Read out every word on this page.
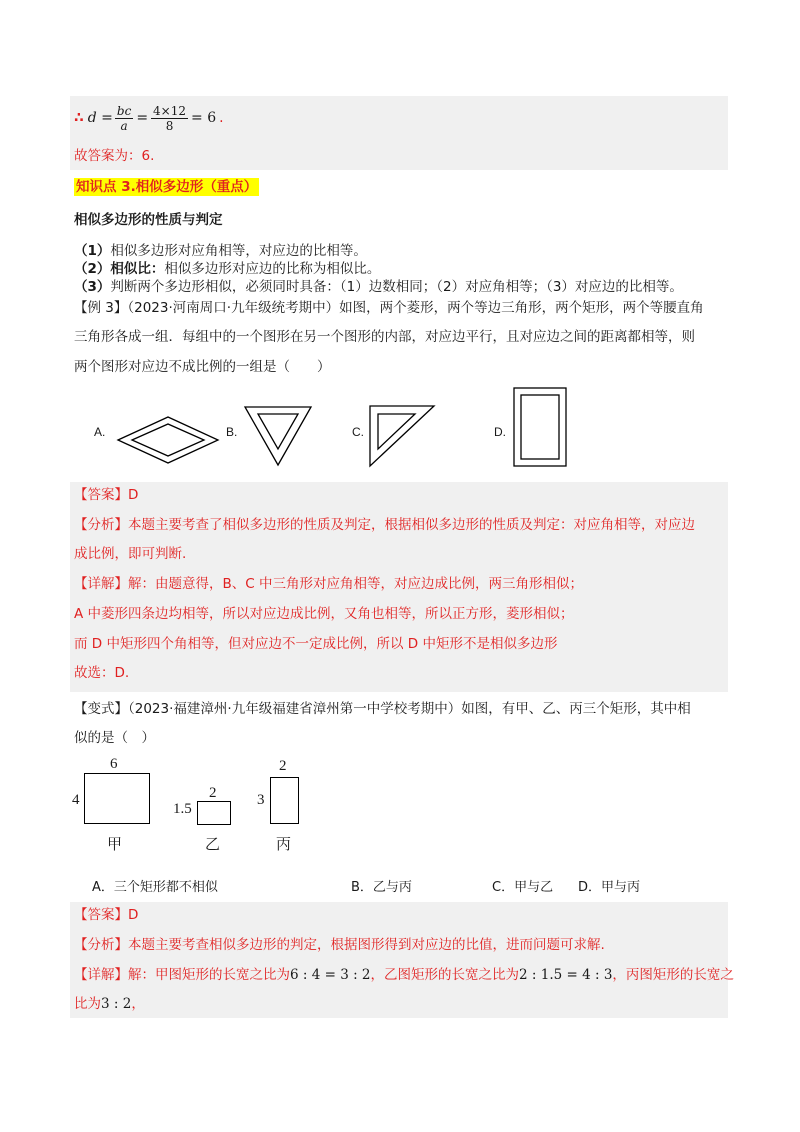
∴ $d = \frac{bc}{a} = \frac{4\times 12}{8} = 6$ .
故答案为：6.
知识点 3.相似多边形（重点）
相似多边形的性质与判定
（1）相似多边形对应角相等，对应边的比相等。
（2）相似比：相似多边形对应边的比称为相似比。
（3）判断两个多边形相似，必须同时具备：（1）边数相同；（2）对应角相等；（3）对应边的比相等。
【例 3】（2023·河南周口·九年级统考期中）如图，两个菱形，两个等边三角形，两个矩形，两个等腰直角
三角形各成一组．每组中的一个图形在另一个图形的内部，对应边平行，且对应边之间的距离都相等，则
两个图形对应边不成比例的一组是（　　）
A.	B.	C.	D.
【答案】D
【分析】本题主要考查了相似多边形的性质及判定，根据相似多边形的性质及判定：对应角相等，对应边
成比例，即可判断.
【详解】解：由题意得，B、C 中三角形对应角相等，对应边成比例，两三角形相似；
A 中菱形四条边均相等，所以对应边成比例，又角也相等，所以正方形，菱形相似；
而 D 中矩形四个角相等，但对应边不一定成比例，所以 D 中矩形不是相似多边形
故选：D.
【变式】（2023·福建漳州·九年级福建省漳州第一中学校考期中）如图，有甲、乙、丙三个矩形，其中相
似的是（　）
6
4
甲
2
1.5
乙
2
3
丙
A．三个矩形都不相似	B．乙与丙	C．甲与乙 D．甲与丙
【答案】D
【分析】本题主要考查相似多边形的判定，根据图形得到对应边的比值，进而问题可求解.
【详解】解：甲图矩形的长宽之比为6 : 4 = 3 : 2，乙图矩形的长宽之比为2 : 1.5 = 4 : 3，丙图矩形的长宽之
比为3 : 2，
